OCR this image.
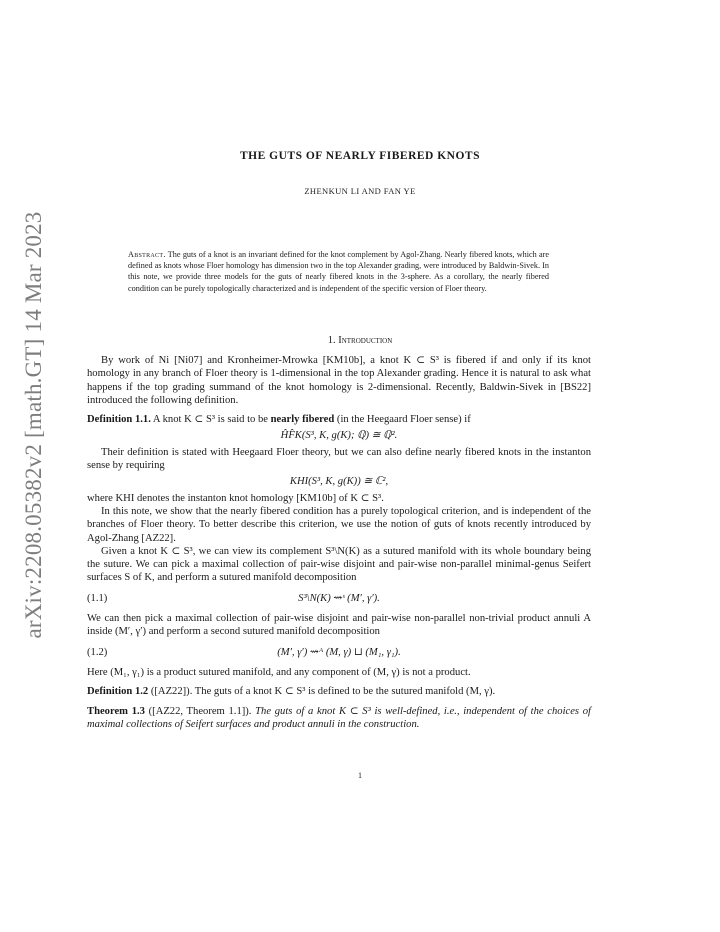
arXiv:2208.05382v2 [math.GT] 14 Mar 2023
THE GUTS OF NEARLY FIBERED KNOTS
ZHENKUN LI AND FAN YE
Abstract. The guts of a knot is an invariant defined for the knot complement by Agol-Zhang. Nearly fibered knots, which are defined as knots whose Floer homology has dimension two in the top Alexander grading, were introduced by Baldwin-Sivek. In this note, we provide three models for the guts of nearly fibered knots in the 3-sphere. As a corollary, the nearly fibered condition can be purely topologically characterized and is independent of the specific version of Floer theory.
1. Introduction

By work of Ni [Ni07] and Kronheimer-Mrowka [KM10b], a knot K ⊂ S³ is fibered if and only if its knot homology in any branch of Floer theory is 1-dimensional in the top Alexander grading. Hence it is natural to ask what happens if the top grading summand of the knot homology is 2-dimensional. Recently, Baldwin-Sivek in [BS22] introduced the following definition.

Definition 1.1. A knot K ⊂ S³ is said to be nearly fibered (in the Heegaard Floer sense) if

ĤF̂K(S³, K, g(K); ℚ) ≅ ℚ².

Their definition is stated with Heegaard Floer theory, but we can also define nearly fibered knots in the instanton sense by requiring

KHI(S³, K, g(K)) ≅ ℂ²,

where KHI denotes the instanton knot homology [KM10b] of K ⊂ S³.

In this note, we show that the nearly fibered condition has a purely topological criterion, and is independent of the branches of Floer theory. To better describe this criterion, we use the notion of guts of knots recently introduced by Agol-Zhang [AZ22].

Given a knot K ⊂ S³, we can view its complement S³\N(K) as a sutured manifold with its whole boundary being the suture. We can pick a maximal collection of pair-wise disjoint and pair-wise non-parallel minimal-genus Seifert surfaces S of K, and perform a sutured manifold decomposition

(1.1)	S³\N(K) ⇝ˢ (M′, γ′).

We can then pick a maximal collection of pair-wise disjoint and pair-wise non-parallel non-trivial product annuli A inside (M′, γ′) and perform a second sutured manifold decomposition

(1.2)	(M′, γ′) ⇝ᴬ (M, γ) ⊔ (M₁, γ₁).

Here (M₁, γ₁) is a product sutured manifold, and any component of (M, γ) is not a product.

Definition 1.2 ([AZ22]). The guts of a knot K ⊂ S³ is defined to be the sutured manifold (M, γ).

Theorem 1.3 ([AZ22, Theorem 1.1]). The guts of a knot K ⊂ S³ is well-defined, i.e., independent of the choices of maximal collections of Seifert surfaces and product annuli in the construction.

1
